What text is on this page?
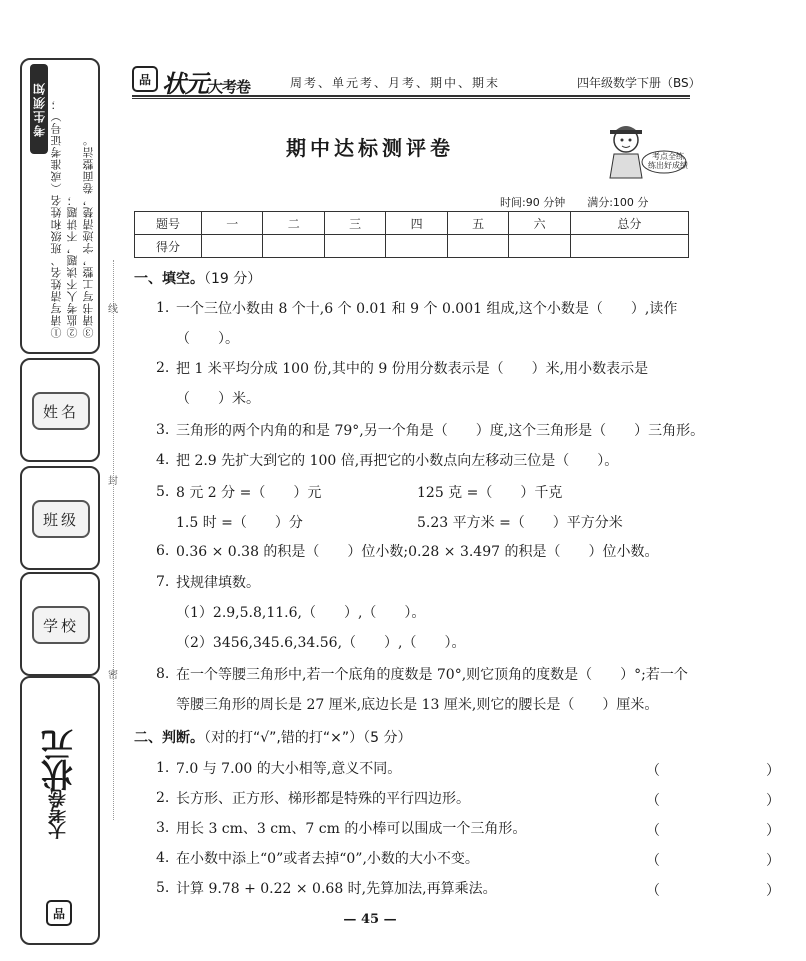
考生须知 ①请写清姓名、班级和姓名（或准考证号）； ②监考人不读题，不讲题； ③请书写工整，字迹清楚，卷面整洁。
姓名
班级
学校
大考卷状元
品
线
封
密
品 状元大考卷	周考、单元考、月考、期中、期末	四年级数学下册（BS）
期中达标测评卷	考点全练 练出好成绩
时间:90 分钟　　满分:100 分
题号	一	二	三	四	五	六	总分
得分							
一、填空。（19 分）
1. 一个三位小数由 8 个十,6 个 0.01 和 9 个 0.001 组成,这个小数是（　　）,读作
（　　）。
2. 把 1 米平均分成 100 份,其中的 9 份用分数表示是（　　）米,用小数表示是
（　　）米。
3. 三角形的两个内角的和是 79°,另一个角是（　　）度,这个三角形是（　　）三角形。
4. 把 2.9 先扩大到它的 100 倍,再把它的小数点向左移动三位是（　　）。
5. 8 元 2 分 =（　　）元	125 克 =（　　）千克
1.5 时 =（　　）分	5.23 平方米 =（　　）平方分米
6. 0.36 × 0.38 的积是（　　）位小数;0.28 × 3.497 的积是（　　）位小数。
7. 找规律填数。
（1）2.9,5.8,11.6,（　　）,（　　）。
（2）3456,345.6,34.56,（　　）,（　　）。
8. 在一个等腰三角形中,若一个底角的度数是 70°,则它顶角的度数是（　　）°;若一个
等腰三角形的周长是 27 厘米,底边长是 13 厘米,则它的腰长是（　　）厘米。
二、判断。（对的打“√”,错的打“×”）（5 分）
1. 7.0 与 7.00 的大小相等,意义不同。	（　　）
2. 长方形、正方形、梯形都是特殊的平行四边形。	（　　）
3. 用长 3 cm、3 cm、7 cm 的小棒可以围成一个三角形。	（　　）
4. 在小数中添上“0”或者去掉“0”,小数的大小不变。	（　　）
5. 计算 9.78 + 0.22 × 0.68 时,先算加法,再算乘法。	（　　）
— 45 —
